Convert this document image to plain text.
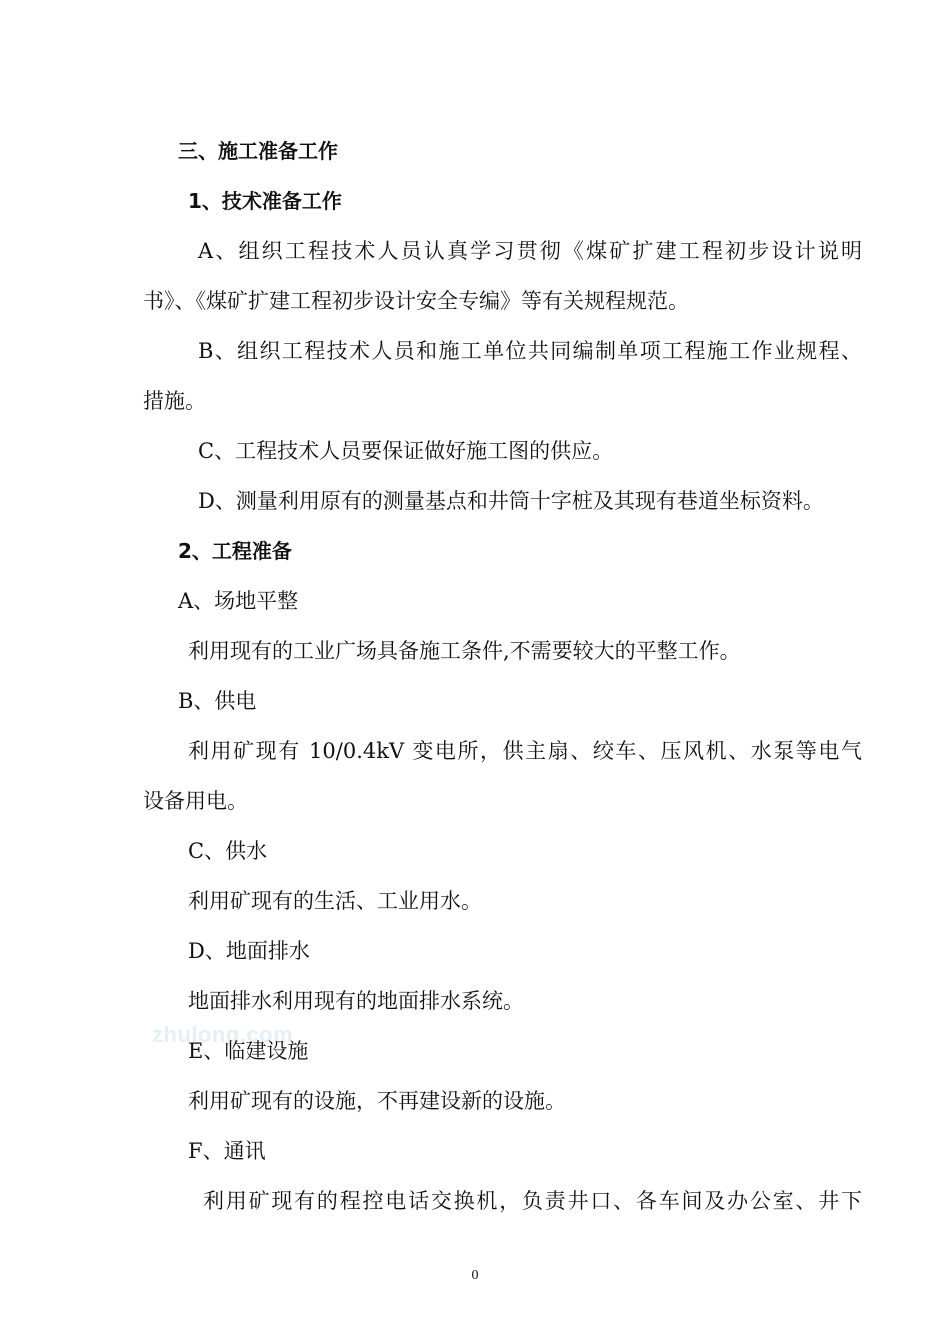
zhulong.com
三、施工准备工作
1、技术准备工作
A、组织工程技术人员认真学习贯彻《煤矿扩建工程初步设计说明
书》、《煤矿扩建工程初步设计安全专编》等有关规程规范。
B、组织工程技术人员和施工单位共同编制单项工程施工作业规程、
措施。
C、工程技术人员要保证做好施工图的供应。
D、测量利用原有的测量基点和井筒十字桩及其现有巷道坐标资料。
2、工程准备
A、场地平整
利用现有的工业广场具备施工条件,不需要较大的平整工作。
B、供电
利用矿现有 10/0.4kV 变电所，供主扇、绞车、压风机、水泵等电气
设备用电。
C、供水
利用矿现有的生活、工业用水。
D、地面排水
地面排水利用现有的地面排水系统。
E、临建设施
利用矿现有的设施，不再建设新的设施。
F、通讯
利用矿现有的程控电话交换机，负责井口、各车间及办公室、井下
0
